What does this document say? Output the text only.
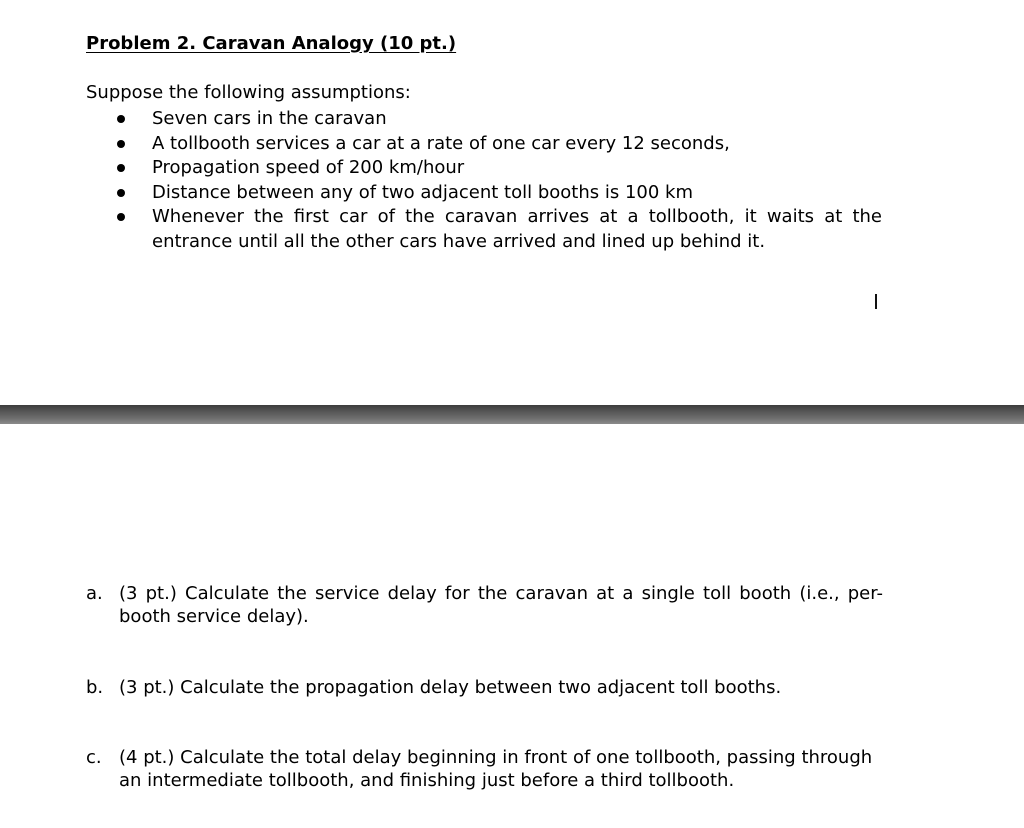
Problem 2. Caravan Analogy (10 pt.)
Suppose the following assumptions:
Seven cars in the caravan
A tollbooth services a car at a rate of one car every 12 seconds,
Propagation speed of 200 km/hour
Distance between any of two adjacent toll booths is 100 km
Whenever the first car of the caravan arrives at a tollbooth, it waits at the entrance until all the other cars have arrived and lined up behind it.
a. (3 pt.) Calculate the service delay for the caravan at a single toll booth (i.e., per-booth service delay).
b. (3 pt.) Calculate the propagation delay between two adjacent toll booths.
c. (4 pt.) Calculate the total delay beginning in front of one tollbooth, passing through an intermediate tollbooth, and finishing just before a third tollbooth.
